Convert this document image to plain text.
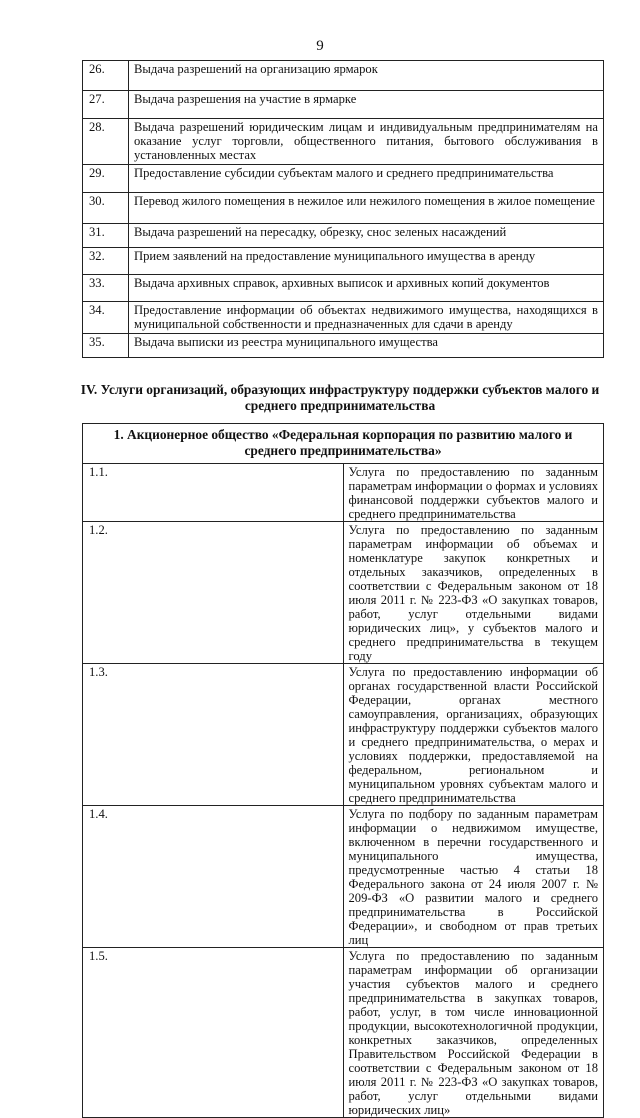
9
26.	Выдача разрешений на организацию ярмарок
27.	Выдача разрешения на участие в ярмарке
28.	Выдача разрешений юридическим лицам и индивидуальным предпринимателям на оказание услуг торговли, общественного питания, бытового обслуживания в установленных местах
29.	Предоставление субсидии субъектам малого и среднего предпринимательства
30.	Перевод жилого помещения в нежилое или нежилого помещения в жилое помещение
31.	Выдача разрешений на пересадку, обрезку, снос зеленых насаждений
32.	Прием заявлений на предоставление муниципального имущества в аренду
33.	Выдача архивных справок, архивных выписок и архивных копий документов
34.	Предоставление информации об объектах недвижимого имущества, находящихся в муниципальной собственности и предназначенных для сдачи в аренду
35.	Выдача выписки из реестра муниципального имущества
IV. Услуги организаций, образующих инфраструктуру поддержки субъектов малого и среднего предпринимательства
1. Акционерное общество «Федеральная корпорация по развитию малого и среднего предпринимательства»	
1.1.	Услуга по предоставлению по заданным параметрам информации о формах и условиях финансовой поддержки субъектов малого и среднего предпринимательства
1.2.	Услуга по предоставлению по заданным параметрам информации об объемах и номенклатуре закупок конкретных и отдельных заказчиков, определенных в соответствии с Федеральным законом от 18 июля 2011 г. № 223-ФЗ «О закупках товаров, работ, услуг отдельными видами юридических лиц», у субъектов малого и среднего предпринимательства в текущем году
1.3.	Услуга по предоставлению информации об органах государственной власти Российской Федерации, органах местного самоуправления, организациях, образующих инфраструктуру поддержки субъектов малого и среднего предпринимательства, о мерах и условиях поддержки, предоставляемой на федеральном, региональном и муниципальном уровнях субъектам малого и среднего предпринимательства
1.4.	Услуга по подбору по заданным параметрам информации о недвижимом имуществе, включенном в перечни государственного и муниципального имущества, предусмотренные частью 4 статьи 18 Федерального закона от 24 июля 2007 г. № 209-ФЗ «О развитии малого и среднего предпринимательства в Российской Федерации», и свободном от прав третьих лиц
1.5.	Услуга по предоставлению по заданным параметрам информации об организации участия субъектов малого и среднего предпринимательства в закупках товаров, работ, услуг, в том числе инновационной продукции, высокотехнологичной продукции, конкретных заказчиков, определенных Правительством Российской Федерации в соответствии с Федеральным законом от 18 июля 2011 г. № 223-ФЗ «О закупках товаров, работ, услуг отдельными видами юридических лиц»
